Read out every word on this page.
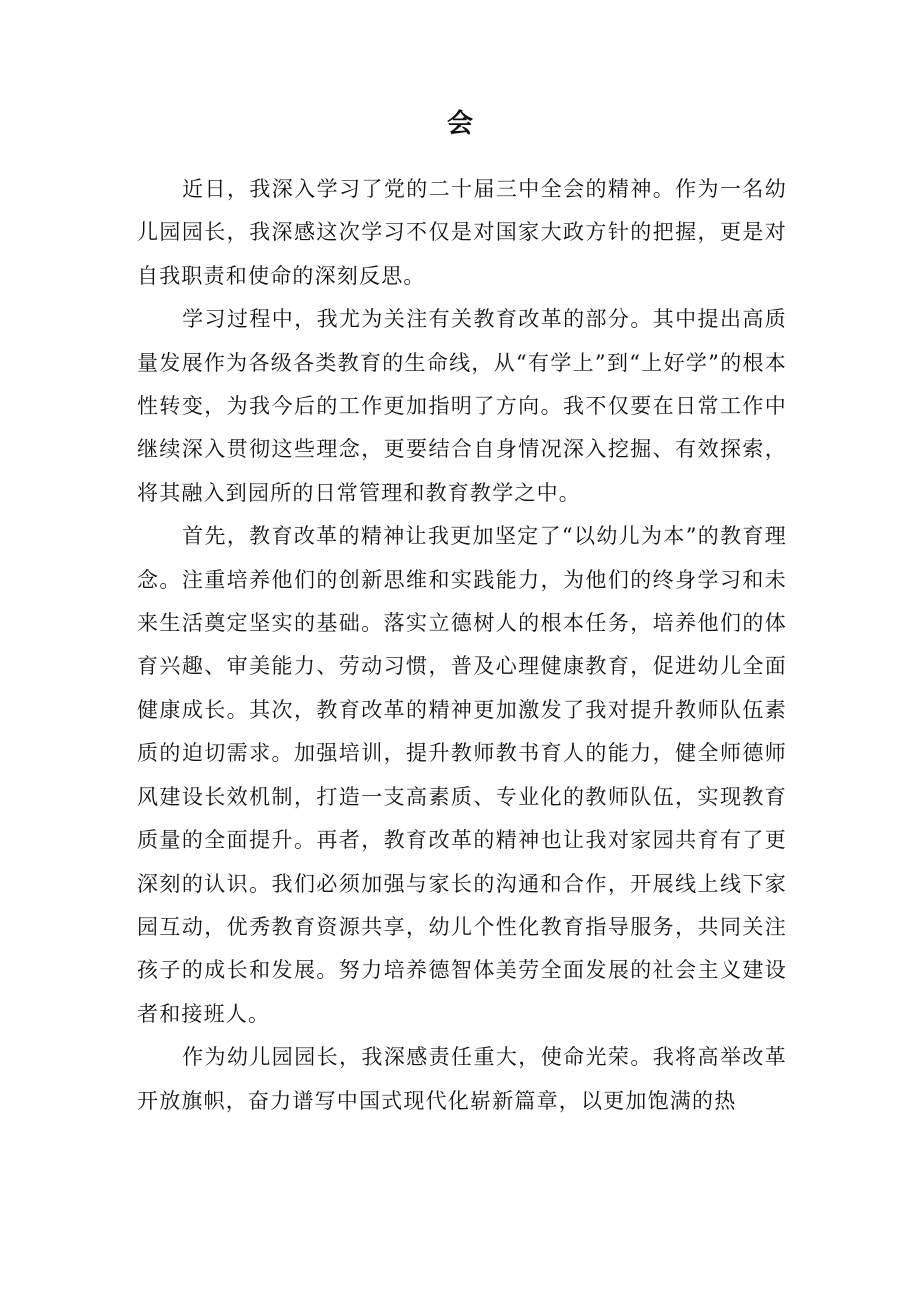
会

近日，我深入学习了党的二十届三中全会的精神。作为一名幼儿园园长，我深感这次学习不仅是对国家大政方针的把握，更是对自我职责和使命的深刻反思。

学习过程中，我尤为关注有关教育改革的部分。其中提出高质量发展作为各级各类教育的生命线，从“有学上”到“上好学”的根本性转变，为我今后的工作更加指明了方向。我不仅要在日常工作中继续深入贯彻这些理念，更要结合自身情况深入挖掘、有效探索，将其融入到园所的日常管理和教育教学之中。

首先，教育改革的精神让我更加坚定了“以幼儿为本”的教育理念。注重培养他们的创新思维和实践能力，为他们的终身学习和未来生活奠定坚实的基础。落实立德树人的根本任务，培养他们的体育兴趣、审美能力、劳动习惯，普及心理健康教育，促进幼儿全面健康成长。其次，教育改革的精神更加激发了我对提升教师队伍素质的迫切需求。加强培训，提升教师教书育人的能力，健全师德师风建设长效机制，打造一支高素质、专业化的教师队伍，实现教育质量的全面提升。再者，教育改革的精神也让我对家园共育有了更深刻的认识。我们必须加强与家长的沟通和合作，开展线上线下家园互动，优秀教育资源共享，幼儿个性化教育指导服务，共同关注孩子的成长和发展。努力培养德智体美劳全面发展的社会主义建设者和接班人。

作为幼儿园园长，我深感责任重大，使命光荣。我将高举改革开放旗帜，奋力谱写中国式现代化崭新篇章，以更加饱满的热
